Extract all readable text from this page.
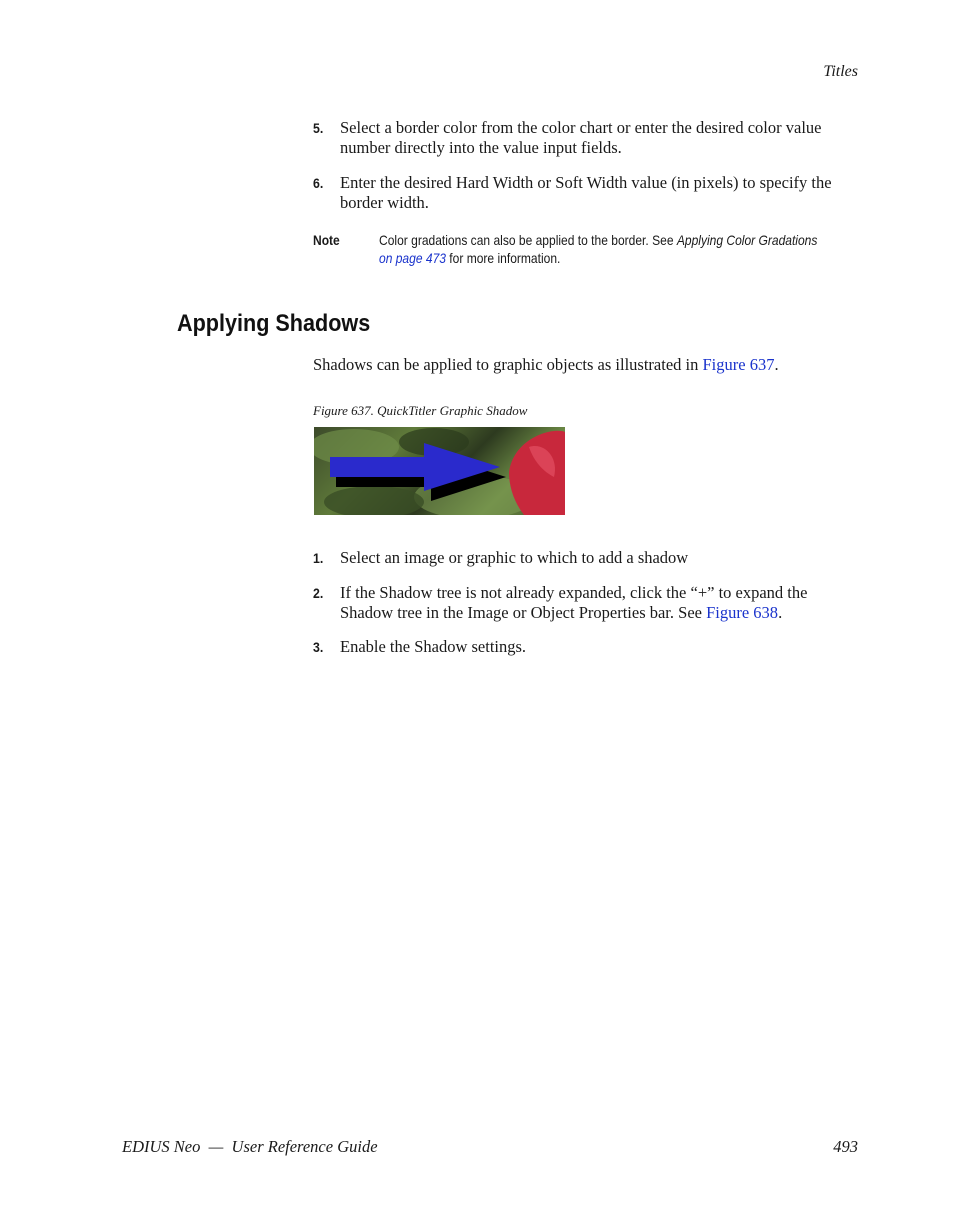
Titles
5. Select a border color from the color chart or enter the desired color value number directly into the value input fields.
6. Enter the desired Hard Width or Soft Width value (in pixels) to specify the border width.
Note	Color gradations can also be applied to the border. See Applying Color Gradations on page 473 for more information.
Applying Shadows
Shadows can be applied to graphic objects as illustrated in Figure 637.
Figure 637. QuickTitler Graphic Shadow
1. Select an image or graphic to which to add a shadow
2. If the Shadow tree is not already expanded, click the “+” to expand the Shadow tree in the Image or Object Properties bar. See Figure 638.
3. Enable the Shadow settings.
EDIUS Neo  —  User Reference Guide	493
